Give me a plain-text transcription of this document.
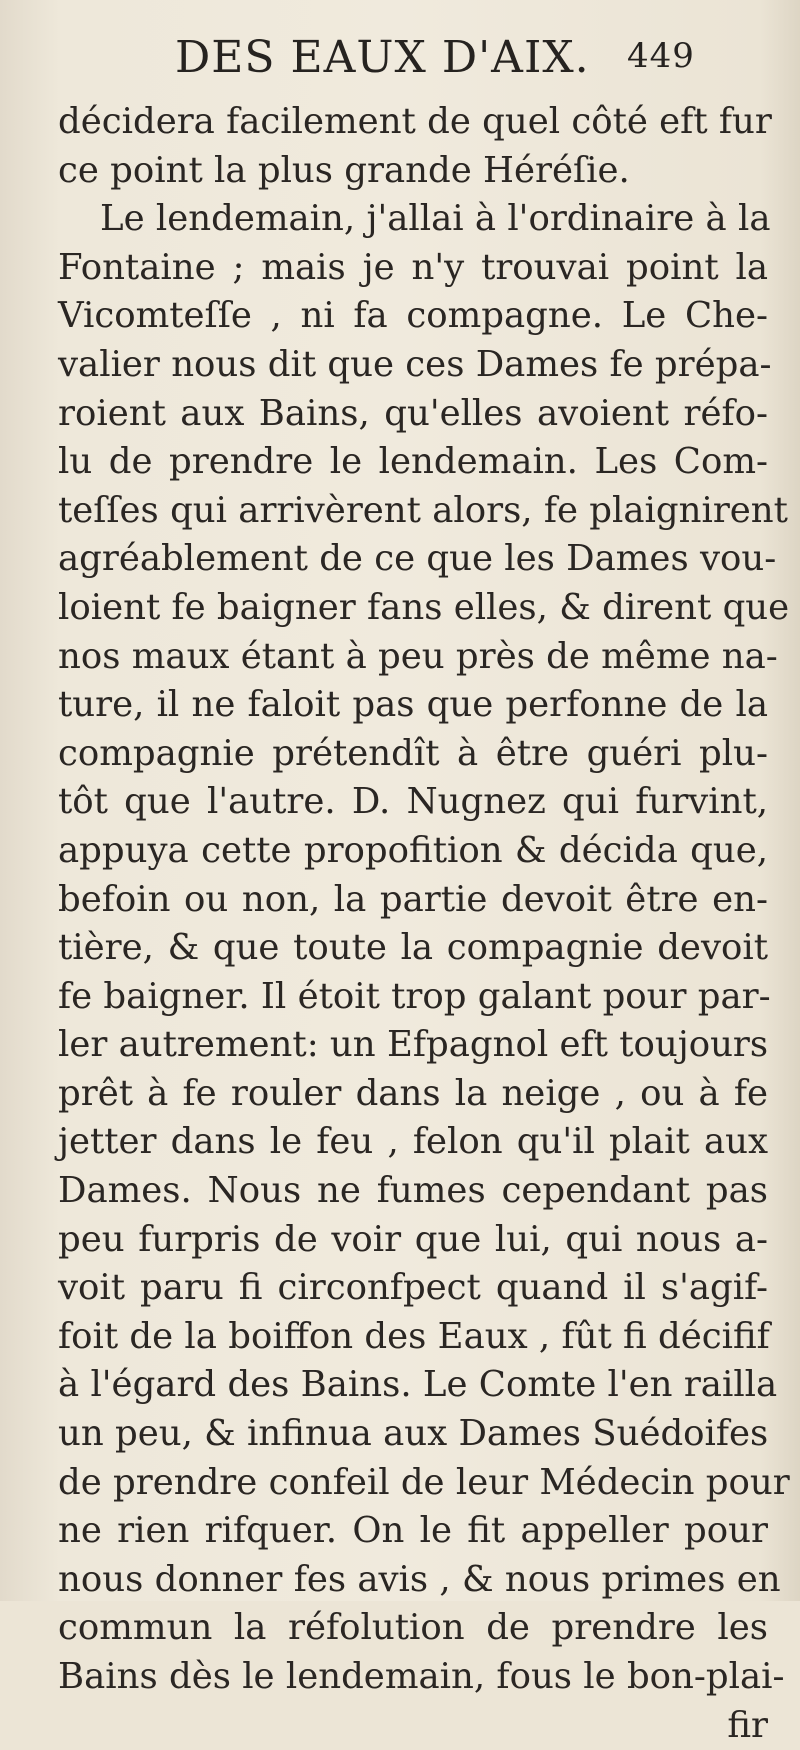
DES EAUX D'AIX. 449
décidera facilement de quel côté eft fur
ce point la plus grande Héréſie.
Le lendemain, j'allai à l'ordinaire à la
Fontaine ; mais je n'y trouvai point la
Vicomteſſe , ni fa compagne. Le Che-
valier nous dit que ces Dames fe prépa-
roient aux Bains, qu'elles avoient réfo-
lu de prendre le lendemain. Les Com-
teſſes qui arrivèrent alors, fe plaignirent
agréablement de ce que les Dames vou-
loient fe baigner fans elles, & dirent que
nos maux étant à peu près de même na-
ture, il ne faloit pas que perfonne de la
compagnie prétendît à être guéri plu-
tôt que l'autre. D. Nugnez qui furvint,
appuya cette propofition & décida que,
befoin ou non, la partie devoit être en-
tière, & que toute la compagnie devoit
fe baigner. Il étoit trop galant pour par-
ler autrement: un Efpagnol eft toujours
prêt à fe rouler dans la neige , ou à fe
jetter dans le feu , felon qu'il plait aux
Dames. Nous ne fumes cependant pas
peu furpris de voir que lui, qui nous a-
voit paru fi circonfpect quand il s'agif-
foit de la boiffon des Eaux , fût fi décifif
à l'égard des Bains. Le Comte l'en railla
un peu, & infinua aux Dames Suédoifes
de prendre confeil de leur Médecin pour
ne rien rifquer. On le fit appeller pour
nous donner fes avis , & nous primes en
commun la réfolution de prendre les
Bains dès le lendemain, fous le bon-plai-
fir
